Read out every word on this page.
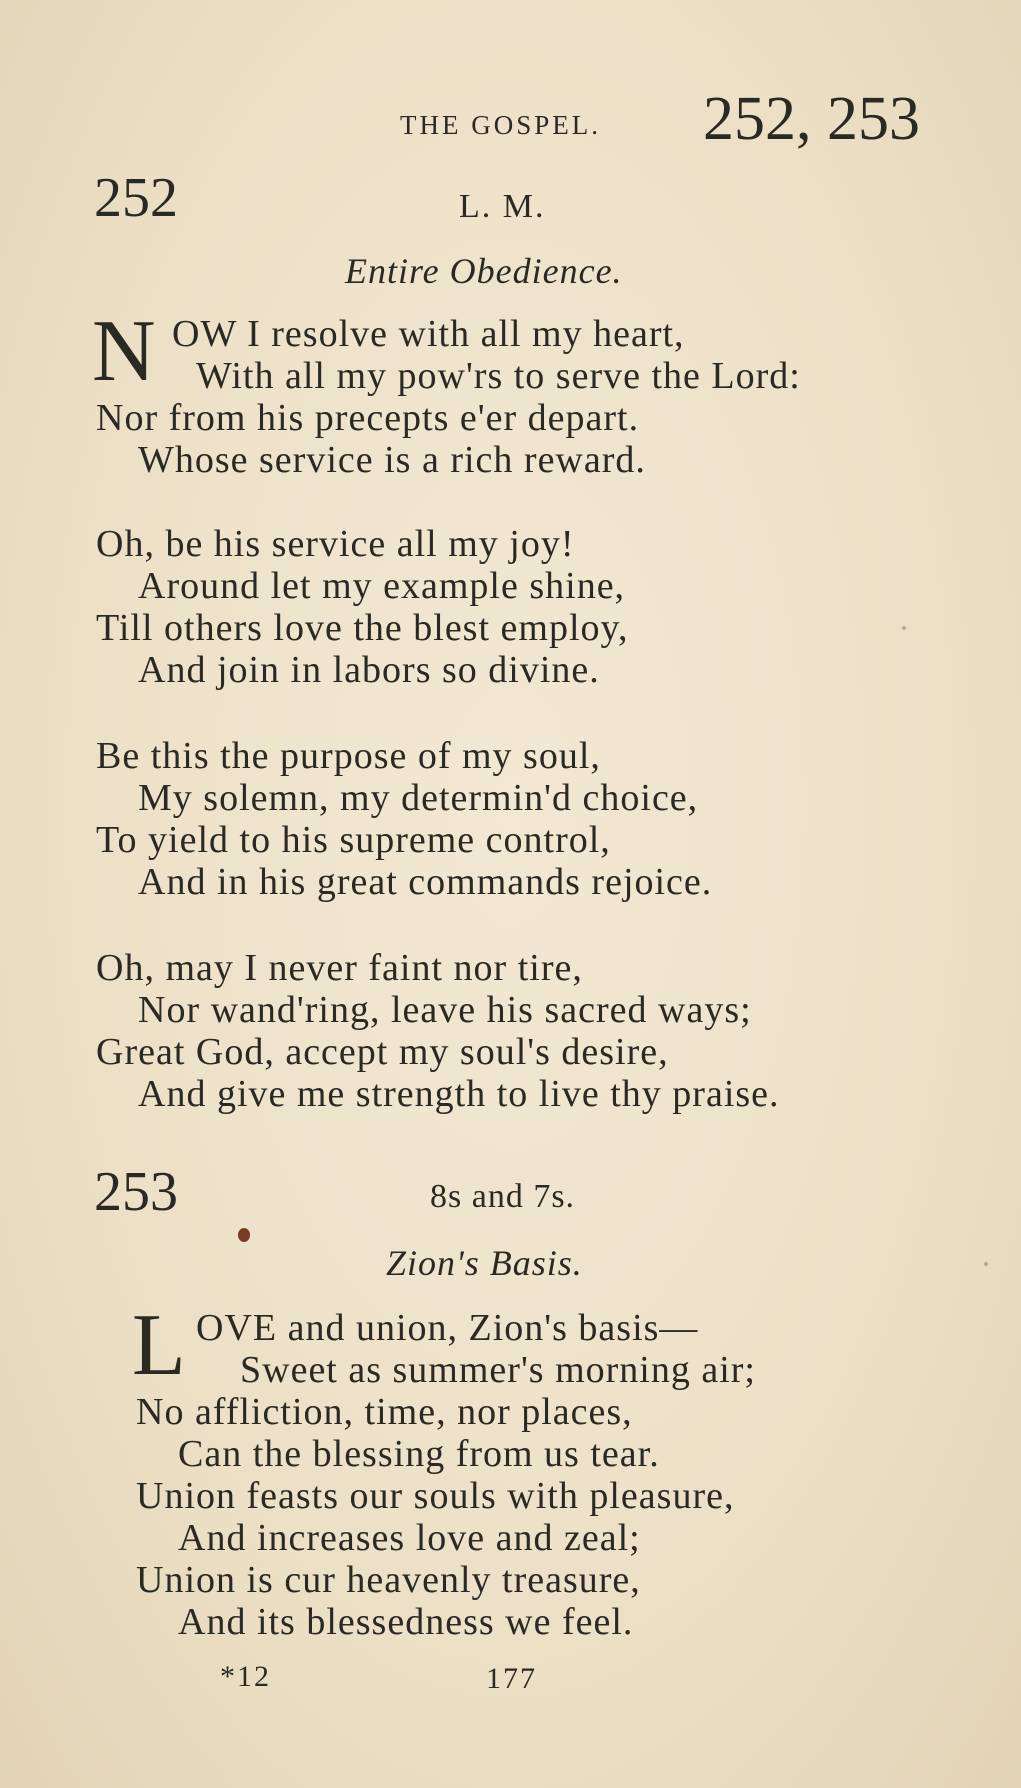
THE GOSPEL. 252, 253
252	L. M.
Entire Obedience.
N OW I resolve with all my heart,
With all my pow'rs to serve the Lord:
Nor from his precepts e'er depart.
Whose service is a rich reward.
Oh, be his service all my joy!
Around let my example shine,
Till others love the blest employ,
And join in labors so divine.
Be this the purpose of my soul,
My solemn, my determin'd choice,
To yield to his supreme control,
And in his great commands rejoice.
Oh, may I never faint nor tire,
Nor wand'ring, leave his sacred ways;
Great God, accept my soul's desire,
And give me strength to live thy praise.
253	8s and 7s.
Zion's Basis.
L OVE and union, Zion's basis—
Sweet as summer's morning air;
No affliction, time, nor places,
Can the blessing from us tear.
Union feasts our souls with pleasure,
And increases love and zeal;
Union is cur heavenly treasure,
And its blessedness we feel.
*12	177
